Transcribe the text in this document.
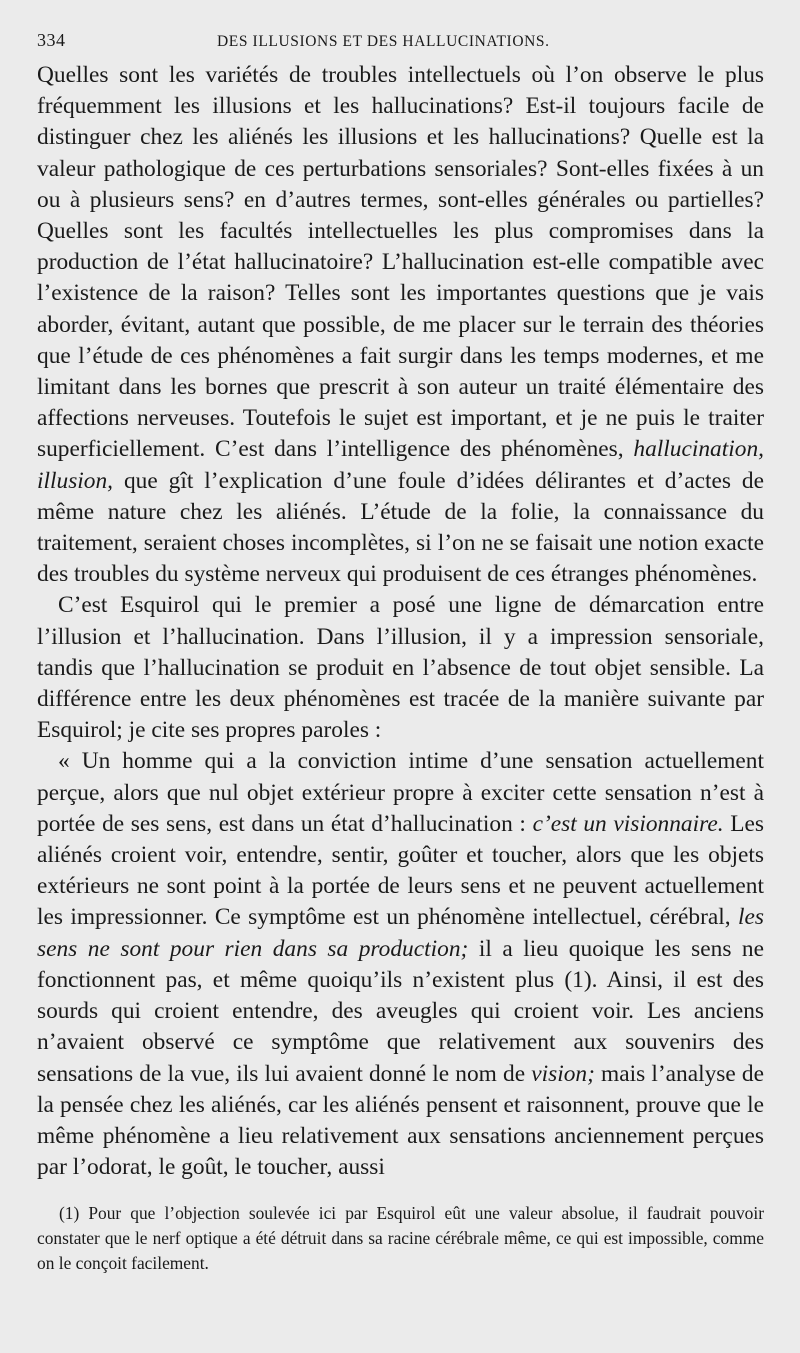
334	DES ILLUSIONS ET DES HALLUCINATIONS.

Quelles sont les variétés de troubles intellectuels où l’on observe le plus fréquemment les illusions et les hallucinations? Est-il toujours facile de distinguer chez les aliénés les illusions et les hallucinations? Quelle est la valeur pathologique de ces perturbations sensoriales? Sont-elles fixées à un ou à plusieurs sens? en d’autres termes, sont-elles générales ou partielles? Quelles sont les facultés intellectuelles les plus compromises dans la production de l’état hallucinatoire? L’hallucination est-elle compatible avec l’existence de la raison? Telles sont les importantes questions que je vais aborder, évitant, autant que possible, de me placer sur le terrain des théories que l’étude de ces phénomènes a fait surgir dans les temps modernes, et me limitant dans les bornes que prescrit à son auteur un traité élémentaire des affections nerveuses. Toutefois le sujet est important, et je ne puis le traiter superficiellement. C’est dans l’intelligence des phénomènes, hallucination, illusion, que gît l’explication d’une foule d’idées délirantes et d’actes de même nature chez les aliénés. L’étude de la folie, la connaissance du traitement, seraient choses incomplètes, si l’on ne se faisait une notion exacte des troubles du système nerveux qui produisent de ces étranges phénomènes.

C’est Esquirol qui le premier a posé une ligne de démarcation entre l’illusion et l’hallucination. Dans l’illusion, il y a impression sensoriale, tandis que l’hallucination se produit en l’absence de tout objet sensible. La différence entre les deux phénomènes est tracée de la manière suivante par Esquirol; je cite ses propres paroles :

« Un homme qui a la conviction intime d’une sensation actuellement perçue, alors que nul objet extérieur propre à exciter cette sensation n’est à portée de ses sens, est dans un état d’hallucination : c’est un visionnaire. Les aliénés croient voir, entendre, sentir, goûter et toucher, alors que les objets extérieurs ne sont point à la portée de leurs sens et ne peuvent actuellement les impressionner. Ce symptôme est un phénomène intellectuel, cérébral, les sens ne sont pour rien dans sa production; il a lieu quoique les sens ne fonctionnent pas, et même quoiqu’ils n’existent plus (1). Ainsi, il est des sourds qui croient entendre, des aveugles qui croient voir. Les anciens n’avaient observé ce symptôme que relativement aux souvenirs des sensations de la vue, ils lui avaient donné le nom de vision; mais l’analyse de la pensée chez les aliénés, car les aliénés pensent et raisonnent, prouve que le même phénomène a lieu relativement aux sensations anciennement perçues par l’odorat, le goût, le toucher, aussi

(1) Pour que l’objection soulevée ici par Esquirol eût une valeur absolue, il faudrait pouvoir constater que le nerf optique a été détruit dans sa racine cérébrale même, ce qui est impossible, comme on le conçoit facilement.
